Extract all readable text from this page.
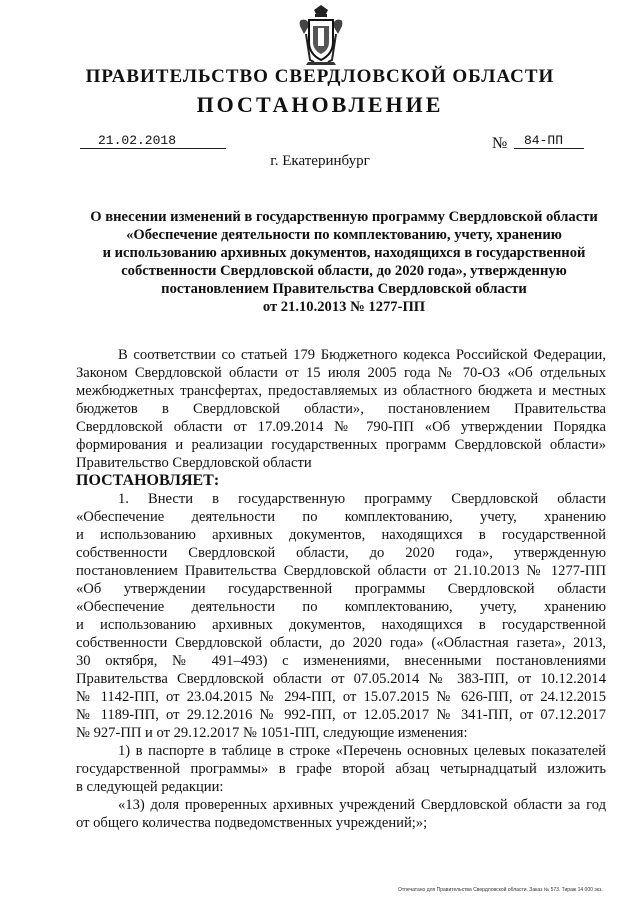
ПРАВИТЕЛЬСТВО СВЕРДЛОВСКОЙ ОБЛАСТИ
ПОСТАНОВЛЕНИЕ
21.02.2018	№	84-ПП
г. Екатеринбург
О внесении изменений в государственную программу Свердловской области
«Обеспечение деятельности по комплектованию, учету, хранению
и использованию архивных документов, находящихся в государственной
собственности Свердловской области, до 2020 года», утвержденную
постановлением Правительства Свердловской области
от 21.10.2013 № 1277-ПП
В соответствии со статьей 179 Бюджетного кодекса Российской Федерации,
Законом Свердловской области от 15 июля 2005 года № 70-ОЗ «Об отдельных
межбюджетных трансфертах, предоставляемых из областного бюджета и местных
бюджетов в Свердловской области», постановлением Правительства
Свердловской области от 17.09.2014 № 790-ПП «Об утверждении Порядка
формирования и реализации государственных программ Свердловской области»
Правительство Свердловской области
ПОСТАНОВЛЯЕТ:
1. Внести в государственную программу Свердловской области
«Обеспечение деятельности по комплектованию, учету, хранению
и использованию архивных документов, находящихся в государственной
собственности Свердловской области, до 2020 года», утвержденную
постановлением Правительства Свердловской области от 21.10.2013 № 1277-ПП
«Об утверждении государственной программы Свердловской области
«Обеспечение деятельности по комплектованию, учету, хранению
и использованию архивных документов, находящихся в государственной
собственности Свердловской области, до 2020 года» («Областная газета», 2013,
30 октября, № 491–493) с изменениями, внесенными постановлениями
Правительства Свердловской области от 07.05.2014 № 383-ПП, от 10.12.2014
№ 1142-ПП, от 23.04.2015 № 294-ПП, от 15.07.2015 № 626-ПП, от 24.12.2015
№ 1189-ПП, от 29.12.2016 № 992-ПП, от 12.05.2017 № 341-ПП, от 07.12.2017
№ 927-ПП и от 29.12.2017 № 1051-ПП, следующие изменения:
1) в паспорте в таблице в строке «Перечень основных целевых показателей
государственной программы» в графе второй абзац четырнадцатый изложить
в следующей редакции:
«13) доля проверенных архивных учреждений Свердловской области за год
от общего количества подведомственных учреждений;»;
Отпечатано для Правительства Свердловской области. Заказ № 573. Тираж 14 000 экз.
